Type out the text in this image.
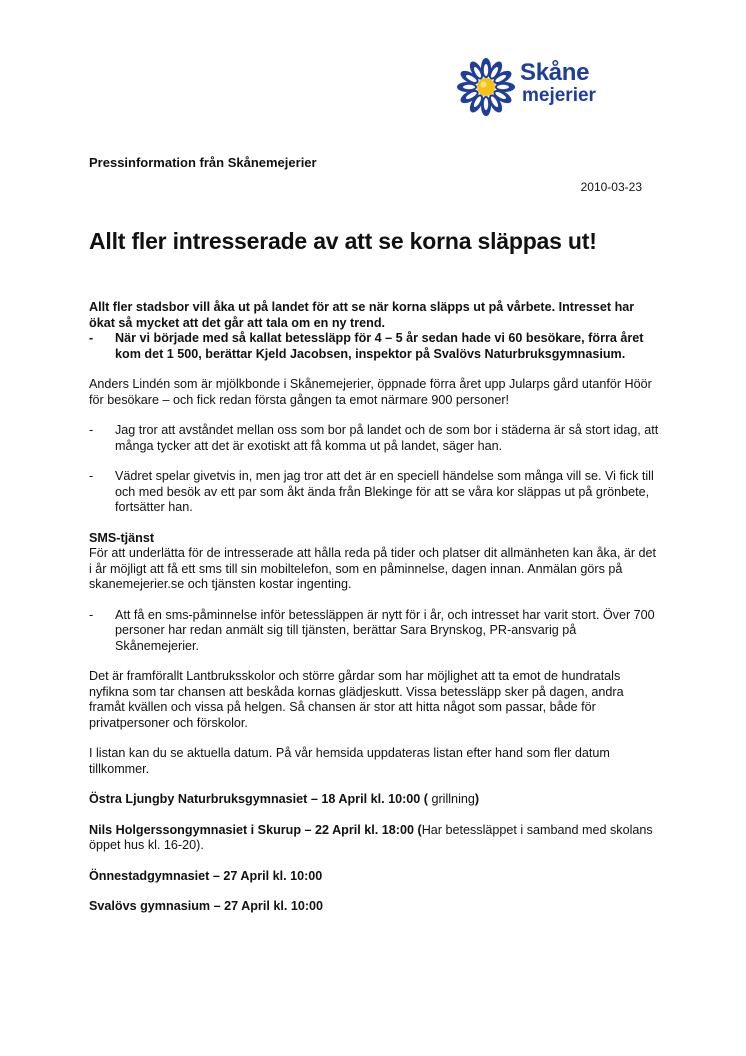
Skåne
mejerier
Pressinformation från Skånemejerier
2010-03-23
Allt fler intresserade av att se korna släppas ut!

Allt fler stadsbor vill åka ut på landet för att se när korna släpps ut på vårbete. Intresset har ökat så mycket att det går att tala om en ny trend.

- När vi började med så kallat betessläpp för 4 – 5 år sedan hade vi 60 besökare, förra året kom det 1 500, berättar Kjeld Jacobsen, inspektor på Svalövs Naturbruksgymnasium.

Anders Lindén som är mjölkbonde i Skånemejerier, öppnade förra året upp Jularps gård utanför Höör för besökare – och fick redan första gången ta emot närmare 900 personer!

- Jag tror att avståndet mellan oss som bor på landet och de som bor i städerna är så stort idag, att många tycker att det är exotiskt att få komma ut på landet, säger han.
- Vädret spelar givetvis in, men jag tror att det är en speciell händelse som många vill se. Vi fick till och med besök av ett par som åkt ända från Blekinge för att se våra kor släppas ut på grönbete, fortsätter han.

SMS-tjänst

För att underlätta för de intresserade att hålla reda på tider och platser dit allmänheten kan åka, är det i år möjligt att få ett sms till sin mobiltelefon, som en påminnelse, dagen innan. Anmälan görs på skanemejerier.se och tjänsten kostar ingenting.

- Att få en sms-påminnelse inför betessläppen är nytt för i år, och intresset har varit stort. Över 700 personer har redan anmält sig till tjänsten, berättar Sara Brynskog, PR-ansvarig på Skånemejerier.

Det är framförallt Lantbruksskolor och större gårdar som har möjlighet att ta emot de hundratals nyfikna som tar chansen att beskåda kornas glädjeskutt. Vissa betessläpp sker på dagen, andra framåt kvällen och vissa på helgen. Så chansen är stor att hitta något som passar, både för privatpersoner och förskolor.

I listan kan du se aktuella datum. På vår hemsida uppdateras listan efter hand som fler datum tillkommer.

Östra Ljungby Naturbruksgymnasiet – 18 April kl. 10:00 ( grillning)

Nils Holgerssongymnasiet i Skurup – 22 April kl. 18:00 (Har betessläppet i samband med skolans öppet hus kl. 16-20).

Önnestadgymnasiet – 27 April kl. 10:00

Svalövs gymnasium – 27 April kl. 10:00
